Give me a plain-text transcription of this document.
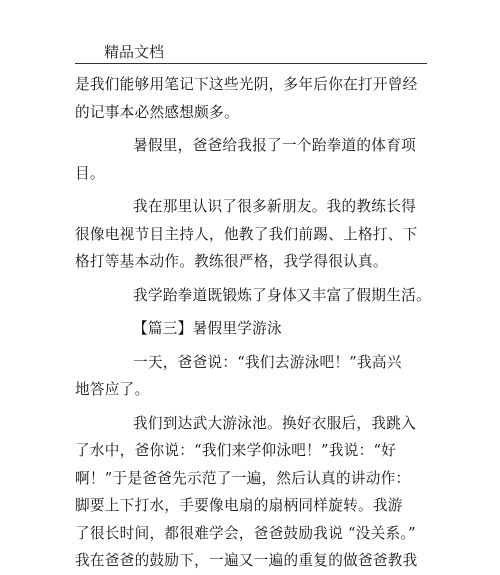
精品文档
是我们能够用笔记下这些光阴，多年后你在打开曾经
的记事本必然感想颇多。
暑假里，爸爸给我报了一个跆拳道的体育项
目。
我在那里认识了很多新朋友。我的教练长得
很像电视节目主持人，他教了我们前踢、上格打、下
格打等基本动作。教练很严格，我学得很认真。
我学跆拳道既锻炼了身体又丰富了假期生活。
【篇三】暑假里学游泳
一天，爸爸说：“我们去游泳吧！”我高兴
地答应了。
我们到达武大游泳池。换好衣服后，我跳入
了水中，爸你说：“我们来学仰泳吧！”我说：“好
啊！”于是爸爸先示范了一遍，然后认真的讲动作：
脚要上下打水，手要像电扇的扇柄同样旋转。我游
了很长时间，都很难学会，爸爸鼓励我说 “没关系。”
我在爸爸的鼓励下，一遍又一遍的重复的做爸爸教我
